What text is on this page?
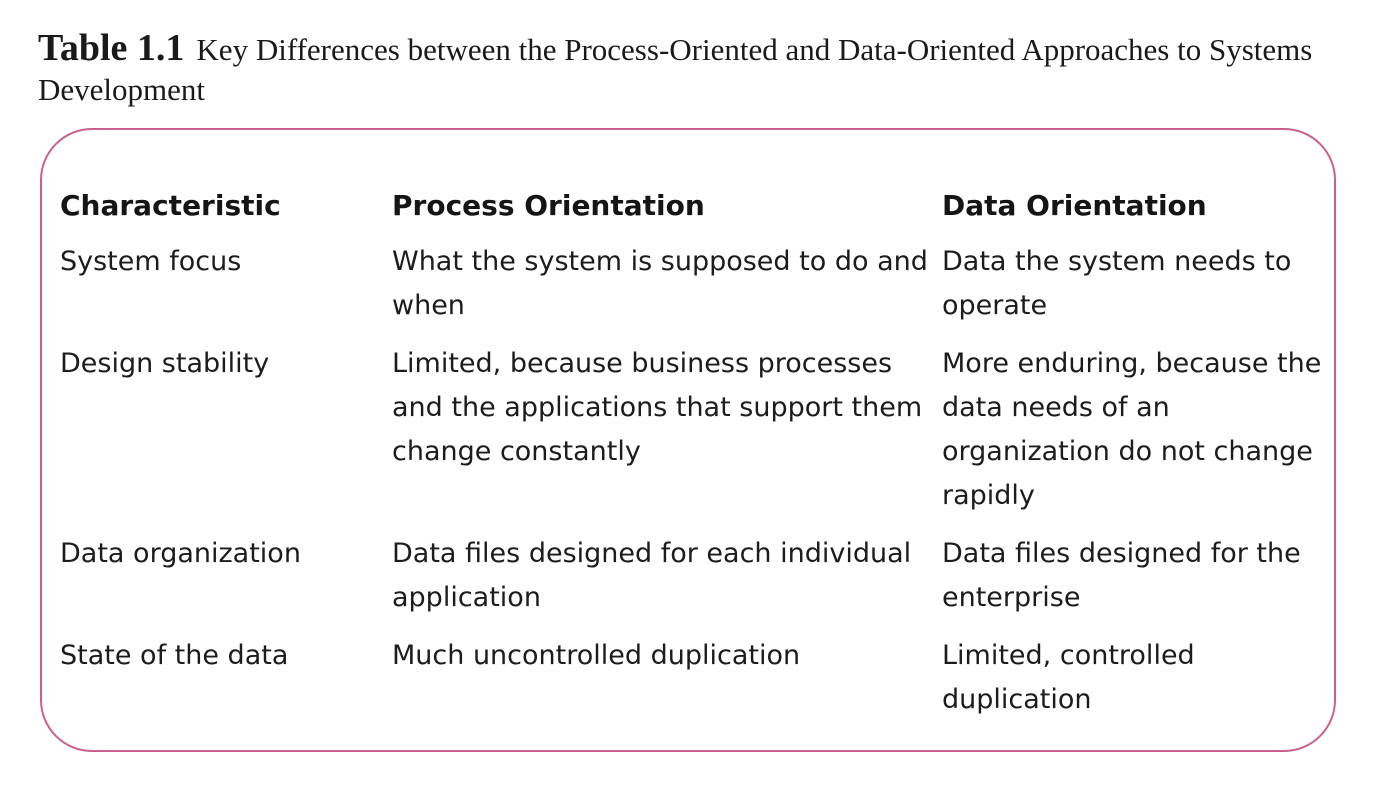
Table 1.1 Key Differences between the Process-Oriented and Data-Oriented Approaches to Systems Development
Characteristic	Process Orientation	Data Orientation
System focus	What the system is supposed to do and when	Data the system needs to operate
Design stability	Limited, because business processes and the applications that support them change constantly	More enduring, because the data needs of an organization do not change rapidly
Data organization	Data files designed for each individual application	Data files designed for the enterprise
State of the data	Much uncontrolled duplication	Limited, controlled duplication
